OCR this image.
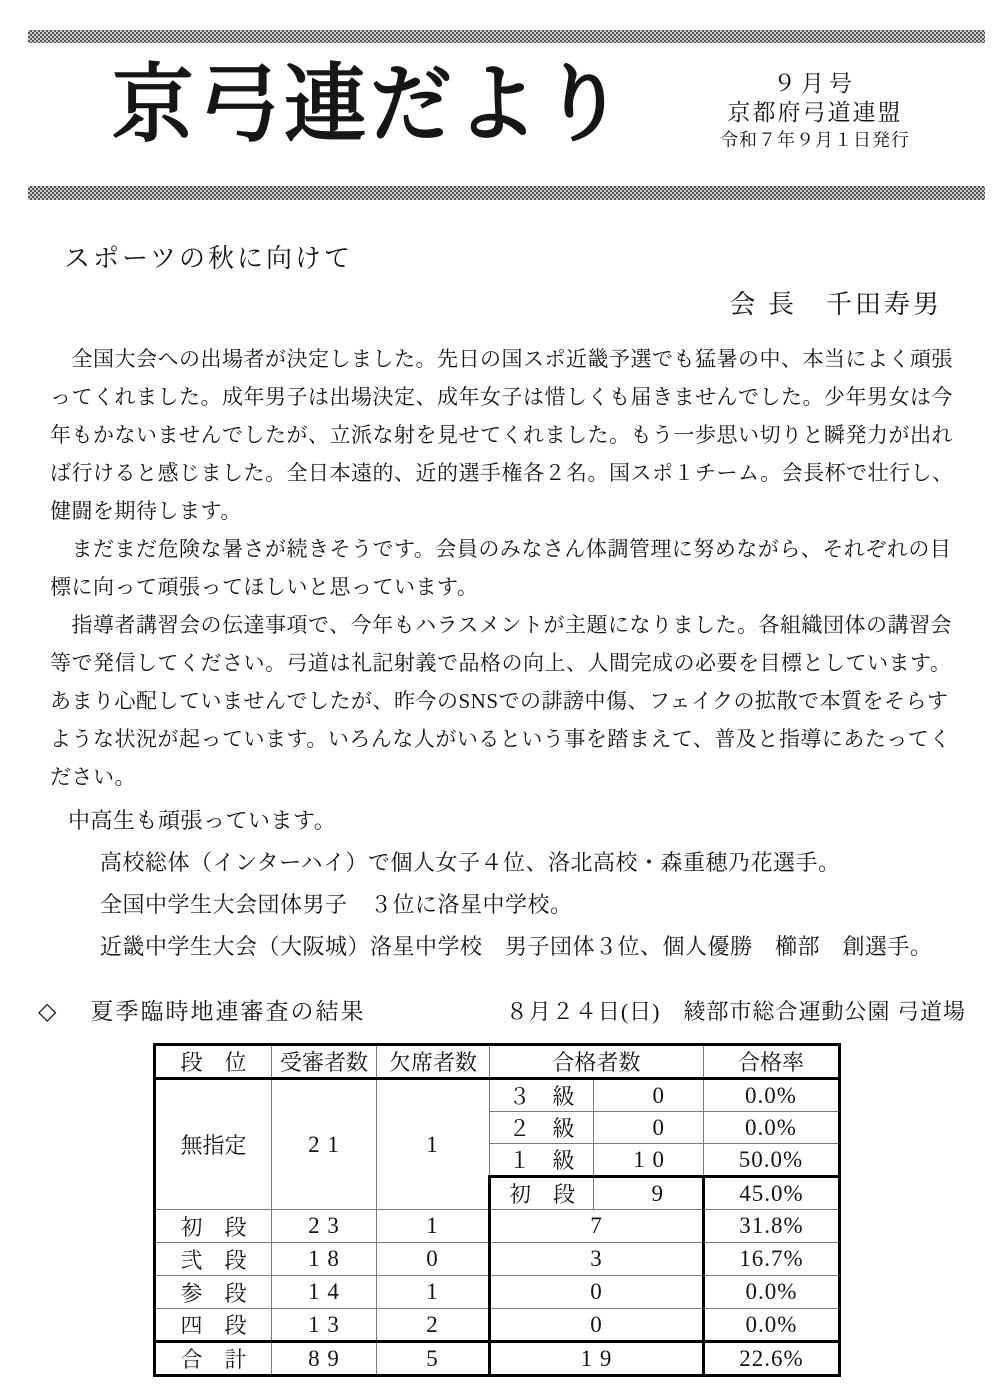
京弓連だより	９月号
京都府弓道連盟
令和７年９月１日発行
スポーツの秋に向けて
会 長　千田寿男
　全国大会への出場者が決定しました。先日の国スポ近畿予選でも猛暑の中、本当によく頑張
ってくれました。成年男子は出場決定、成年女子は惜しくも届きませんでした。少年男女は今
年もかないませんでしたが、立派な射を見せてくれました。もう一歩思い切りと瞬発力が出れ
ば行けると感じました。全日本遠的、近的選手権各２名。国スポ１チーム。会長杯で壮行し、
健闘を期待します。
　まだまだ危険な暑さが続きそうです。会員のみなさん体調管理に努めながら、それぞれの目
標に向って頑張ってほしいと思っています。
　指導者講習会の伝達事項で、今年もハラスメントが主題になりました。各組織団体の講習会
等で発信してください。弓道は礼記射義で品格の向上、人間完成の必要を目標としています。
あまり心配していませんでしたが、昨今のSNSでの誹謗中傷、フェイクの拡散で本質をそらす
ような状況が起っています。いろんな人がいるという事を踏まえて、普及と指導にあたってく
ださい。
中高生も頑張っています。
高校総体（インターハイ）で個人女子４位、洛北高校・森重穂乃花選手。
全国中学生大会団体男子　３位に洛星中学校。
近畿中学生大会（大阪城）洛星中学校　男子団体３位、個人優勝　櫛部　創選手。
◇ 夏季臨時地連審査の結果	８月２４日(日)　綾部市総合運動公園 弓道場
段　位	受審者数	欠席者数	合格者数		合格率
無指定	2 1	1	３　級	0	0.0%
			２　級	0	0.0%
			１　級	1 0	50.0%
			初　段	9	45.0%
初　段	2 3	1	7		31.8%
弐　段	1 8	0	3		16.7%
参　段	1 4	1	0		0.0%
四　段	1 3	2	0		0.0%
合　計	8 9	5	1 9		22.6%
